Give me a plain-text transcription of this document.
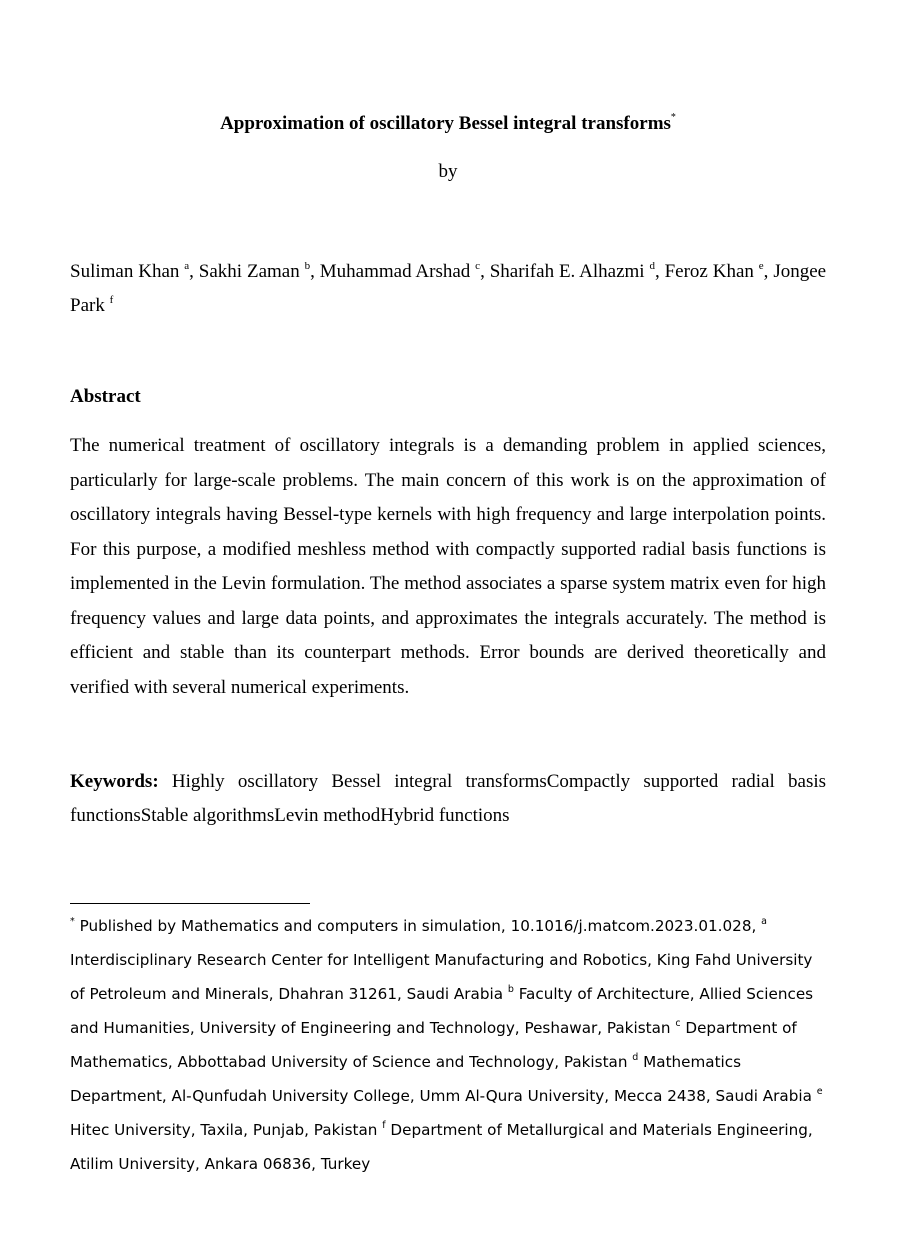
Approximation of oscillatory Bessel integral transforms*
by
Suliman Khan $^a$, Sakhi Zaman $^b$, Muhammad Arshad $^c$, Sharifah E. Alhazmi $^d$, Feroz Khan $^e$, Jongee Park $^f$
Abstract

The numerical treatment of oscillatory integrals is a demanding problem in applied sciences, particularly for large-scale problems. The main concern of this work is on the approximation of oscillatory integrals having Bessel-type kernels with high frequency and large interpolation points. For this purpose, a modified meshless method with compactly supported radial basis functions is implemented in the Levin formulation. The method associates a sparse system matrix even for high frequency values and large data points, and approximates the integrals accurately. The method is efficient and stable than its counterpart methods. Error bounds are derived theoretically and verified with several numerical experiments.

Keywords: Highly oscillatory Bessel integral transformsCompactly supported radial basis functionsStable algorithmsLevin methodHybrid functions

* Published by Mathematics and computers in simulation, 10.1016/j.matcom.2023.01.028, $^a$ Interdisciplinary Research Center for Intelligent Manufacturing and Robotics, King Fahd University of Petroleum and Minerals, Dhahran 31261, Saudi Arabia $^b$ Faculty of Architecture, Allied Sciences and Humanities, University of Engineering and Technology, Peshawar, Pakistan $^c$ Department of Mathematics, Abbottabad University of Science and Technology, Pakistan $^d$ Mathematics Department, Al-Qunfudah University College, Umm Al-Qura University, Mecca 2438, Saudi Arabia $^e$ Hitec University, Taxila, Punjab, Pakistan $^f$ Department of Metallurgical and Materials Engineering, Atilim University, Ankara 06836, Turkey
